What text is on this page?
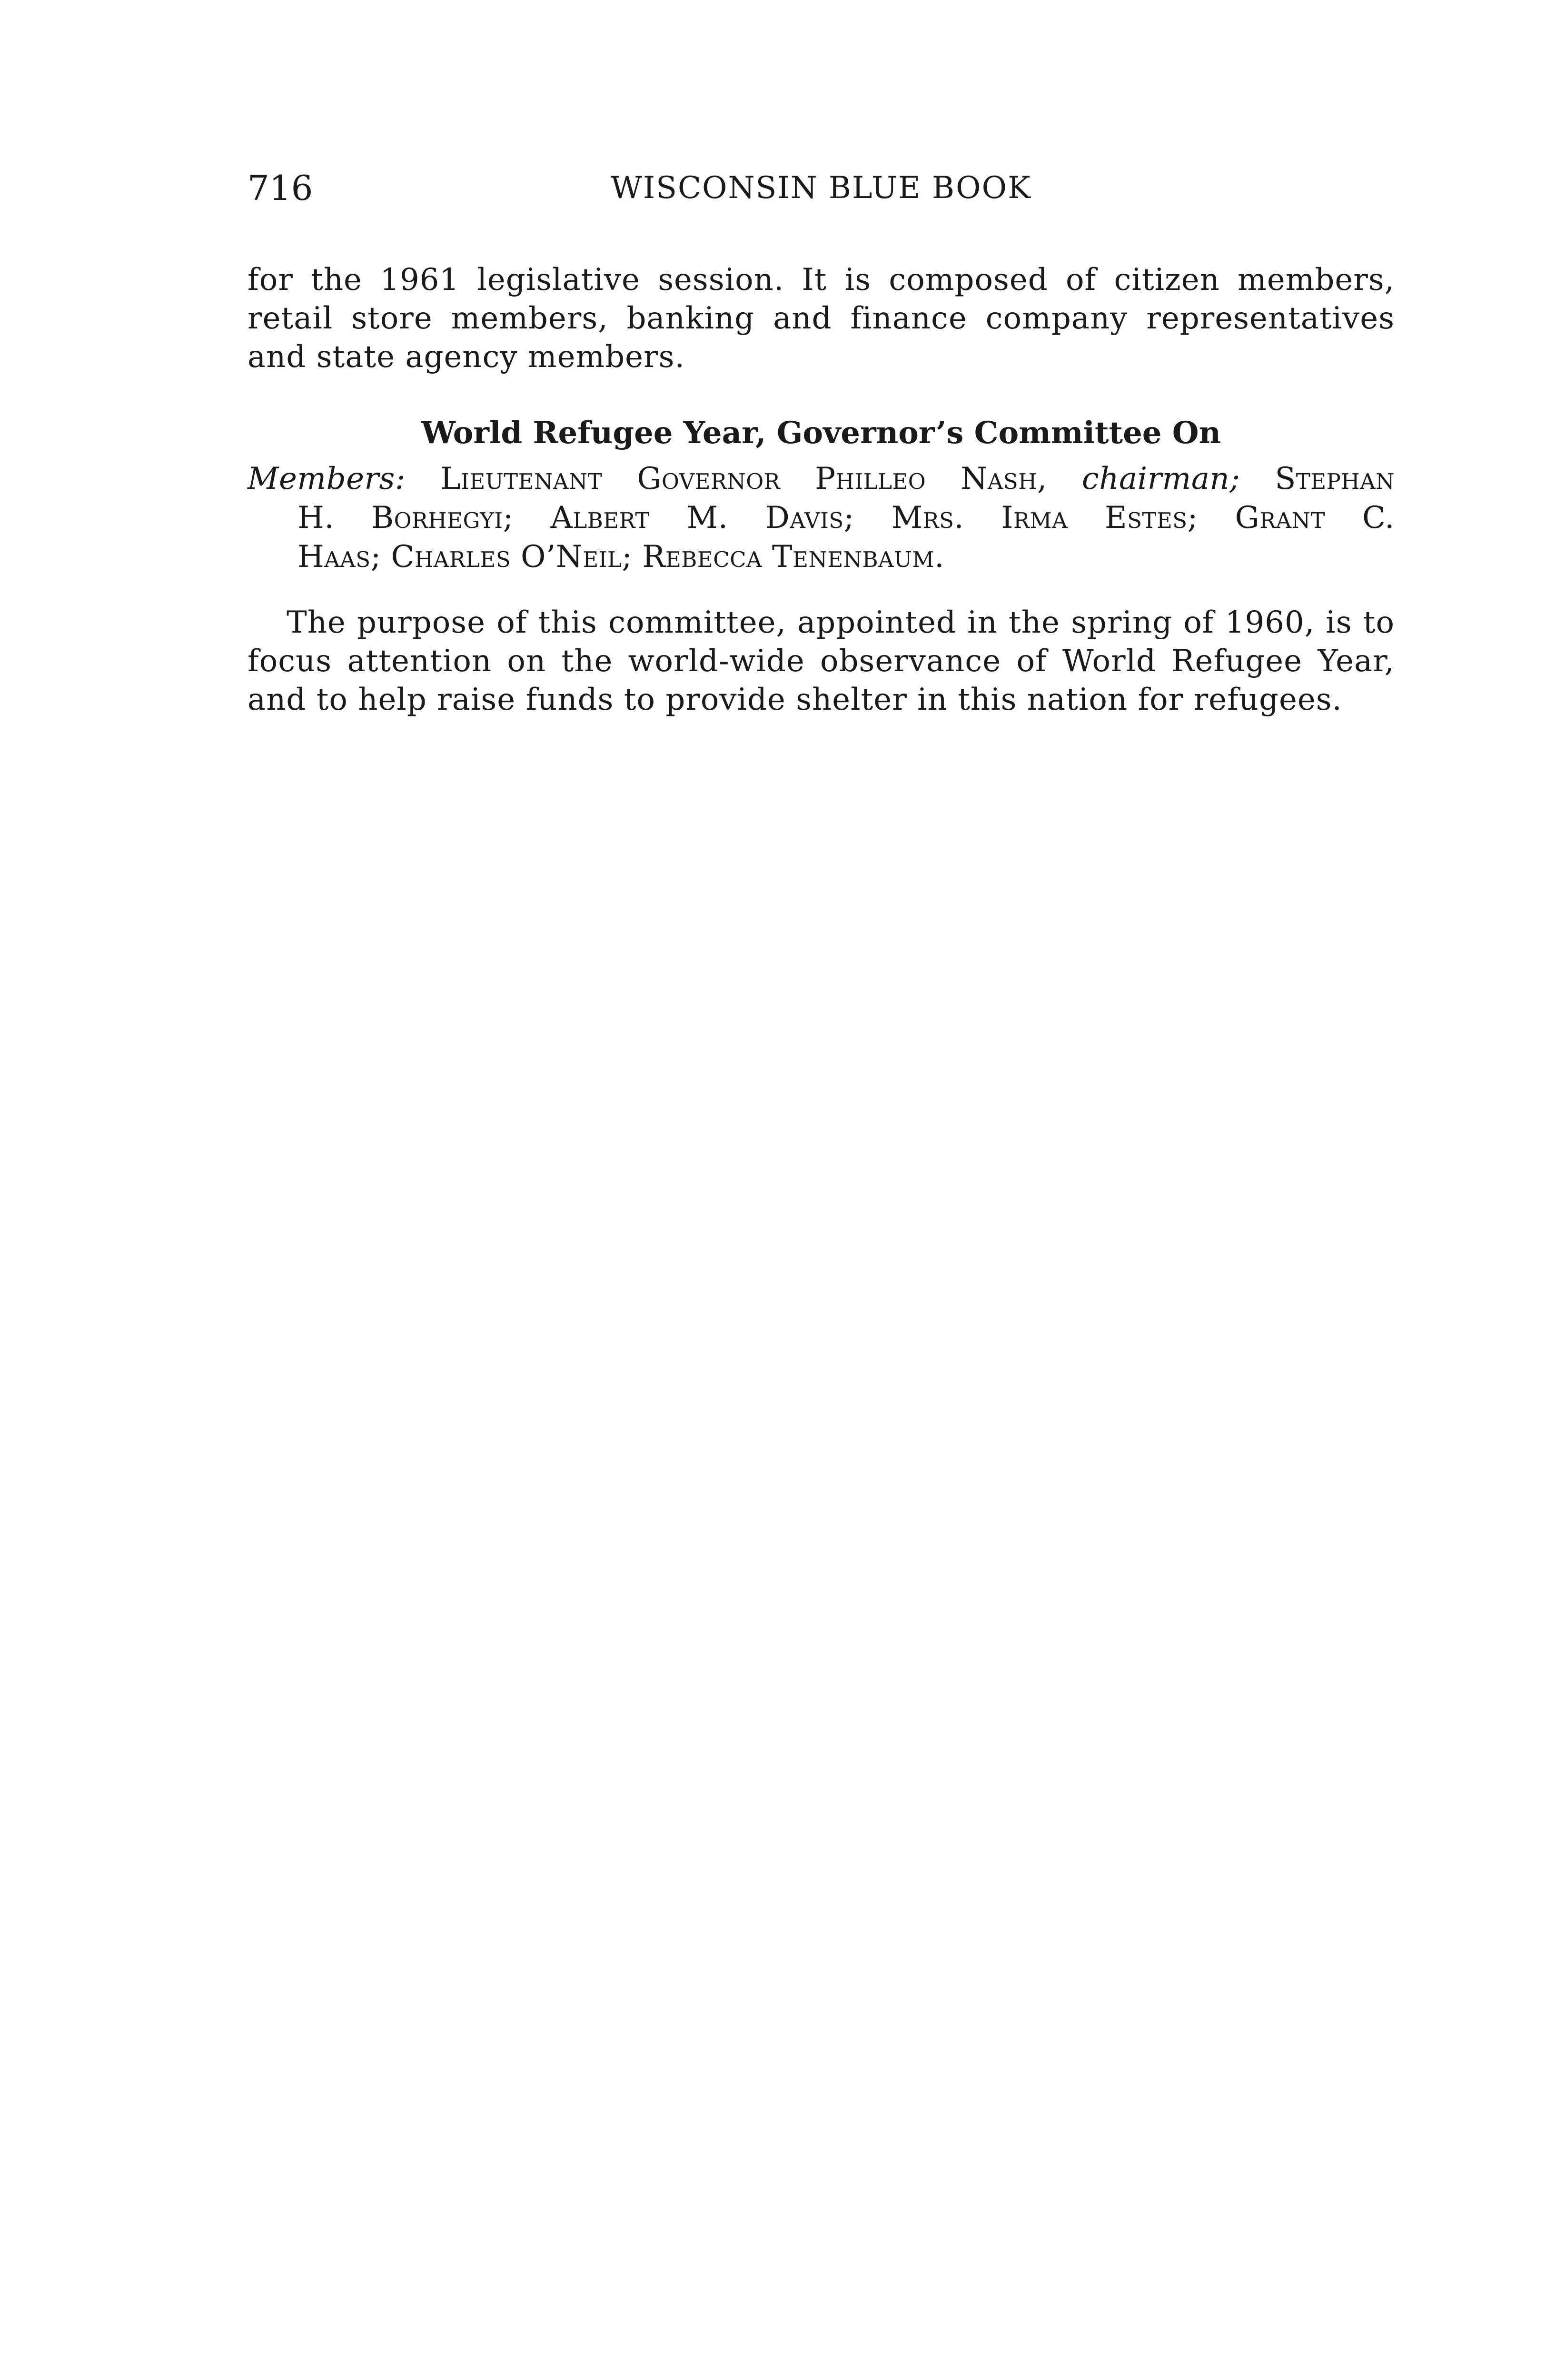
716	WISCONSIN BLUE BOOK

for the 1961 legislative session. It is composed of citizen members, retail store members, banking and finance company representatives and state agency members.

World Refugee Year, Governor’s Committee On
Members: Lieutenant Governor Philleo Nash, chairman; Stephan
H. Borhegyi; Albert M. Davis; Mrs. Irma Estes; Grant C.
Haas; Charles O’Neil; Rebecca Tenenbaum.

The purpose of this committee, appointed in the spring of 1960, is to focus attention on the world-wide observance of World Refugee Year, and to help raise funds to provide shelter in this nation for refugees.
